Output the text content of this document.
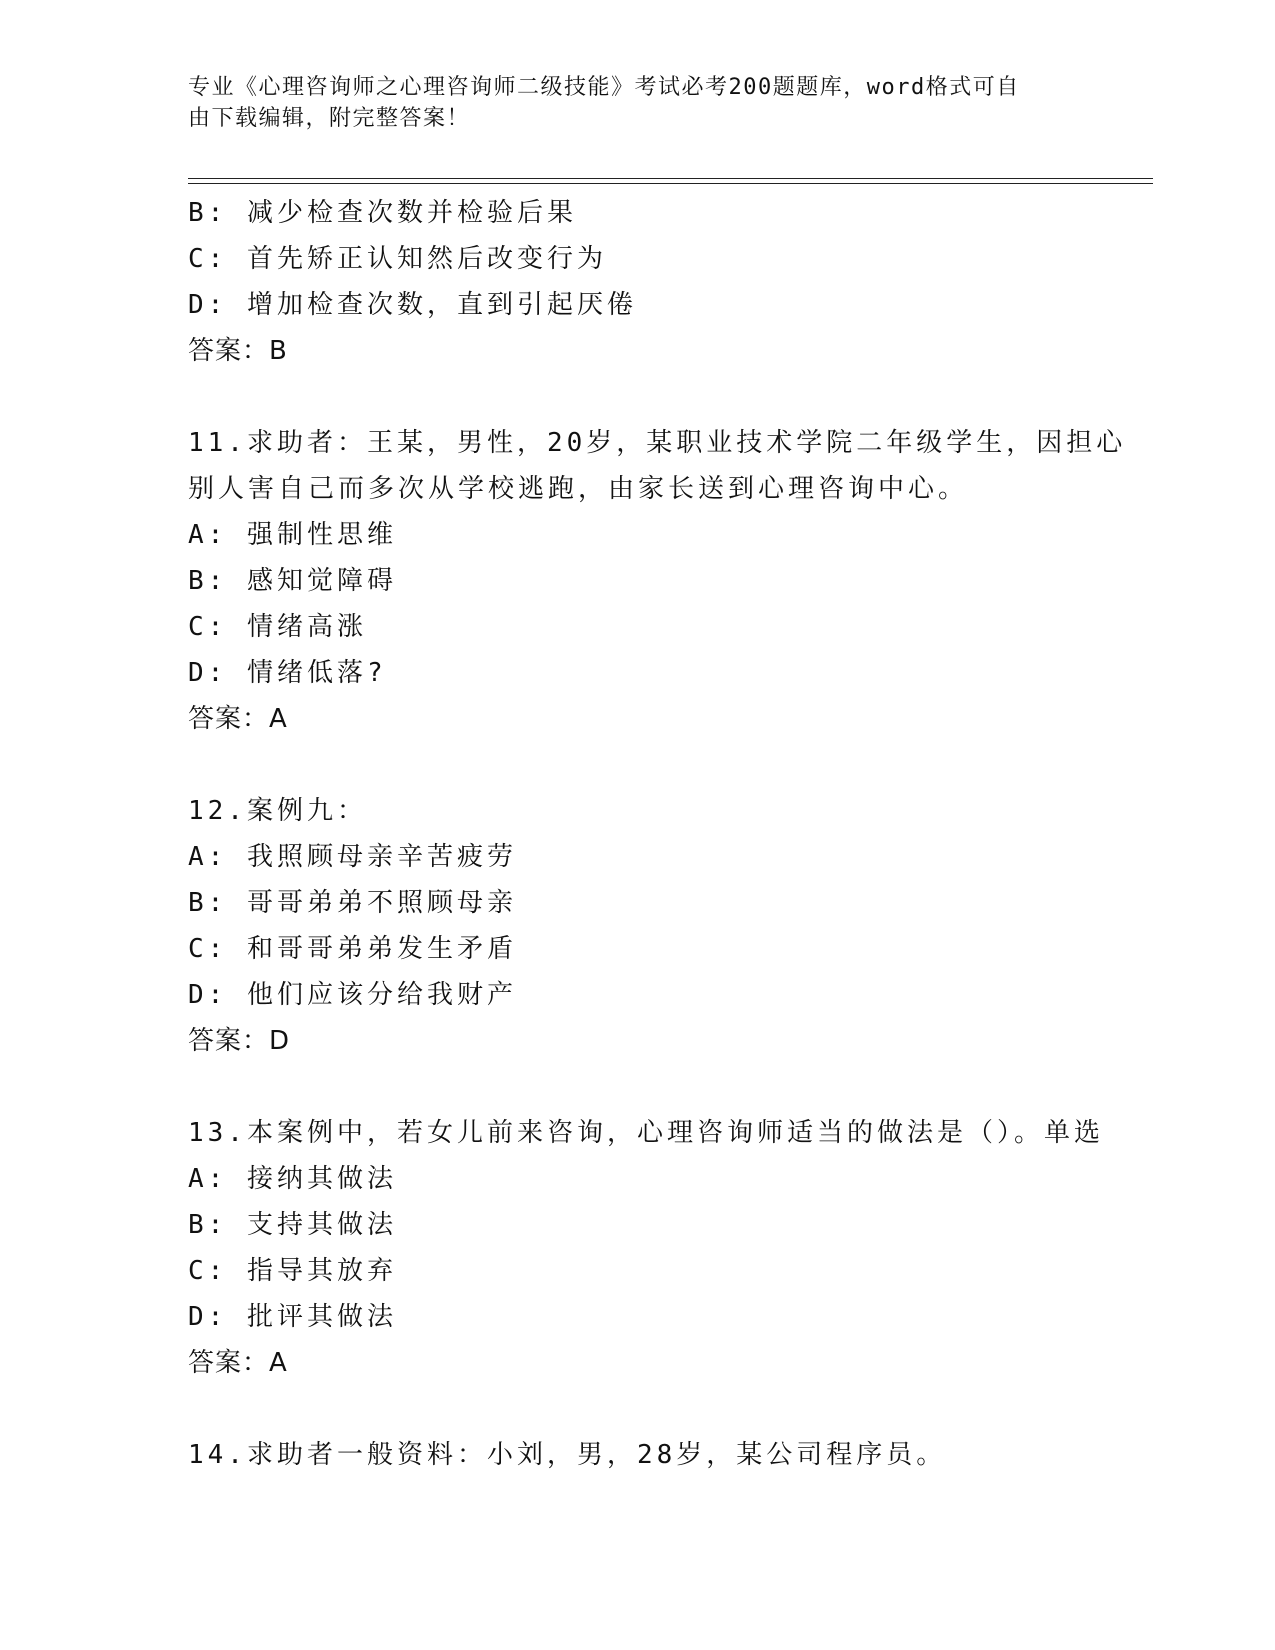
专业《心理咨询师之心理咨询师二级技能》考试必考200题题库，word格式可自
由下载编辑，附完整答案！
B: 减少检查次数并检验后果
C: 首先矫正认知然后改变行为
D: 增加检查次数，直到引起厌倦
答案：B
11.求助者：王某，男性，20岁，某职业技术学院二年级学生，因担心
别人害自己而多次从学校逃跑，由家长送到心理咨询中心。
A: 强制性思维
B: 感知觉障碍
C: 情绪高涨
D: 情绪低落?
答案：A
12.案例九：
A: 我照顾母亲辛苦疲劳
B: 哥哥弟弟不照顾母亲
C: 和哥哥弟弟发生矛盾
D: 他们应该分给我财产
答案：D
13.本案例中，若女儿前来咨询，心理咨询师适当的做法是（）。单选
A: 接纳其做法
B: 支持其做法
C: 指导其放弃
D: 批评其做法
答案：A
14.求助者一般资料：小刘，男，28岁，某公司程序员。
